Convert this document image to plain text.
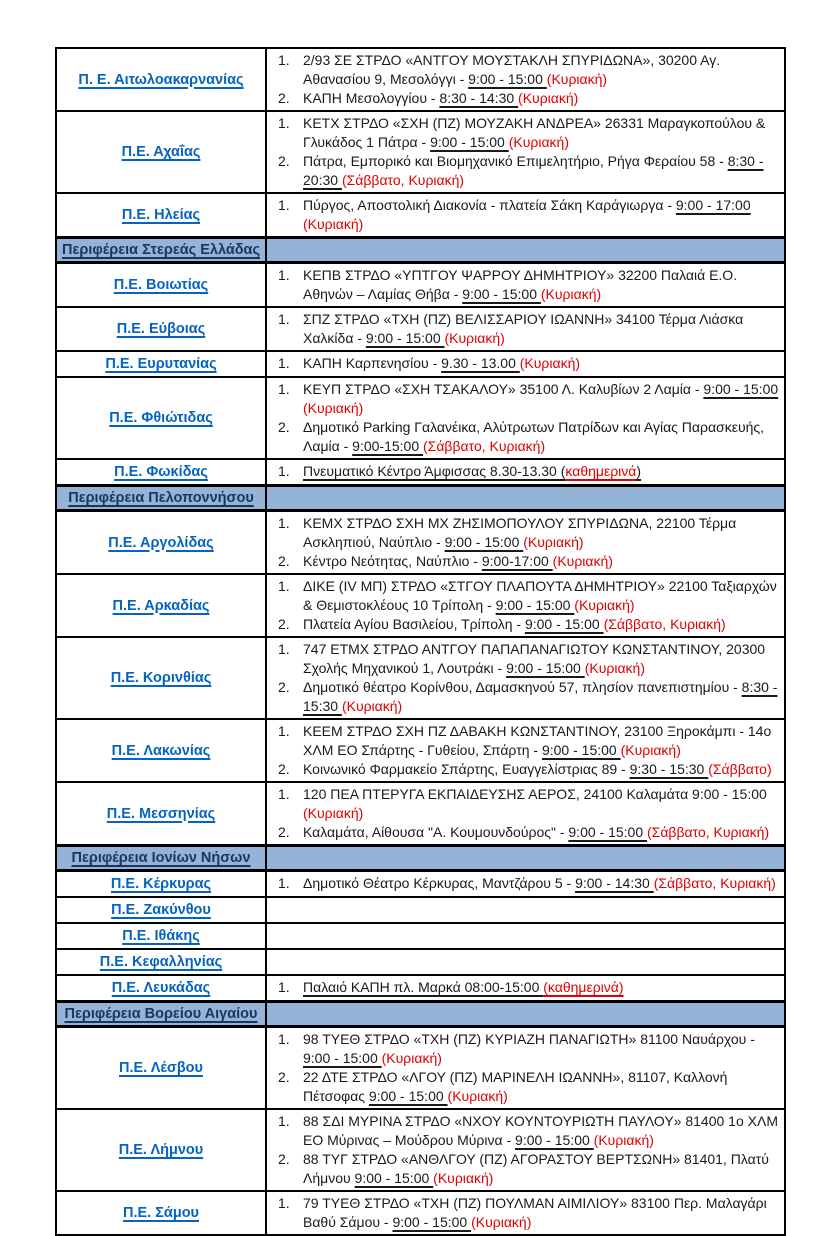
Π. Ε. Αιτωλοακαρνανίας	
2/93 ΣΕ ΣΤΡΔΟ «ΑΝΤΓΟΥ ΜΟΥΣΤΑΚΛΗ ΣΠΥΡΙΔΩΝΑ», 30200 Αγ. Αθανασίου 9, Μεσολόγγι - 9:00 - 15:00 (Κυριακή)
ΚΑΠΗ Μεσολογγίου - 8:30 - 14:30 (Κυριακή)

Π.Ε. Αχαΐας	
ΚΕΤΧ ΣΤΡΔΟ «ΣΧΗ (ΠΖ) ΜΟΥΖΑΚΗ ΑΝΔΡΕΑ» 26331 Μαραγκοπούλου & Γλυκάδος 1 Πάτρα - 9:00 - 15:00 (Κυριακή)
Πάτρα, Εμπορικό και Βιομηχανικό Επιμελητήριο, Ρήγα Φεραίου 58 - 8:30 - 20:30 (Σάββατο, Κυριακή)

Π.Ε. Ηλείας	
Πύργος, Αποστολική Διακονία - πλατεία Σάκη Καράγιωργα - 9:00 - 17:00 (Κυριακή)

Περιφέρεια Στερεάς Ελλάδας	
Π.Ε. Βοιωτίας	
ΚΕΠΒ ΣΤΡΔΟ «ΥΠΤΓΟΥ ΨΑΡΡΟΥ ΔΗΜΗΤΡΙΟΥ» 32200 Παλαιά Ε.Ο. Αθηνών – Λαμίας Θήβα - 9:00 - 15:00 (Κυριακή)

Π.Ε. Εύβοιας	
ΣΠΖ ΣΤΡΔΟ «ΤΧΗ (ΠΖ) ΒΕΛΙΣΣΑΡΙΟΥ ΙΩΑΝΝΗ» 34100 Τέρμα Λιάσκα Χαλκίδα - 9:00 - 15:00 (Κυριακή)

Π.Ε. Ευρυτανίας	ΚΑΠΗ Καρπενησίου - 9.30 - 13.00 (Κυριακή)

Π.Ε. Φθιώτιδας	
ΚΕΥΠ ΣΤΡΔΟ «ΣΧΗ ΤΣΑΚΑΛΟΥ» 35100 Λ. Καλυβίων 2 Λαμία - 9:00 - 15:00 (Κυριακή)
Δημοτικό Parking Γαλανέικα, Αλύτρωτων Πατρίδων και Αγίας Παρασκευής, Λαμία - 9:00-15:00 (Σάββατο, Κυριακή)

Π.Ε. Φωκίδας	Πνευματικό Κέντρο Άμφισσας 8.30-13.30 (καθημερινά)

Περιφέρεια Πελοποννήσου	
Π.Ε. Αργολίδας	
ΚΕΜΧ ΣΤΡΔΟ ΣΧΗ ΜΧ ΖΗΣΙΜΟΠΟΥΛΟΥ ΣΠΥΡΙΔΩΝΑ, 22100 Τέρμα Ασκληπιού, Ναύπλιο - 9:00 - 15:00 (Κυριακή)
Κέντρο Νεότητας, Ναύπλιο - 9:00-17:00 (Κυριακή)

Π.Ε. Αρκαδίας	
ΔΙΚΕ (IV ΜΠ) ΣΤΡΔΟ «ΣΤΓΟΥ ΠΛΑΠΟΥΤΑ ΔΗΜΗΤΡΙΟΥ» 22100 Ταξιαρχών & Θεμιστοκλέους 10 Τρίπολη - 9:00 - 15:00 (Κυριακή)
Πλατεία Αγίου Βασιλείου, Τρίπολη - 9:00 - 15:00 (Σάββατο, Κυριακή)

Π.Ε. Κορινθίας	
747 ΕΤΜΧ ΣΤΡΔΟ ΑΝΤΓΟΥ ΠΑΠΑΠΑΝΑΓΙΩΤΟΥ ΚΩΝΣΤΑΝΤΙΝΟΥ, 20300 Σχολής Μηχανικού 1, Λουτράκι - 9:00 - 15:00 (Κυριακή)
Δημοτικό θέατρο Κορίνθου, Δαμασκηνού 57, πλησίον πανεπιστημίου - 8:30 - 15:30 (Κυριακή)

Π.Ε. Λακωνίας	
ΚΕΕΜ ΣΤΡΔΟ ΣΧΗ ΠΖ ΔΑΒΑΚΗ ΚΩΝΣΤΑΝΤΙΝΟΥ, 23100 Ξηροκάμπι - 14ο ΧΛΜ ΕΟ Σπάρτης - Γυθείου, Σπάρτη - 9:00 - 15:00 (Κυριακή)
Κοινωνικό Φαρμακείο Σπάρτης, Ευαγγελίστριας 89 - 9:30 - 15:30 (Σάββατο)

Π.Ε. Μεσσηνίας	
120 ΠΕΑ ΠΤΕΡΥΓΑ ΕΚΠΑΙΔΕΥΣΗΣ ΑΕΡΟΣ, 24100 Καλαμάτα 9:00 - 15:00 (Κυριακή)
Καλαμάτα, Αίθουσα "Α. Κουμουνδούρος" - 9:00 - 15:00 (Σάββατο, Κυριακή)

Περιφέρεια Ιονίων Νήσων	
Π.Ε. Κέρκυρας	Δημοτικό Θέατρο Κέρκυρας, Μαντζάρου 5 - 9:00 - 14:30 (Σάββατο, Κυριακή)

Π.Ε. Ζακύνθου	
Π.Ε. Ιθάκης	
Π.Ε. Κεφαλληνίας	
Π.Ε. Λευκάδας	Παλαιό ΚΑΠΗ πλ. Μαρκά 08:00-15:00 (καθημερινά)

Περιφέρεια Βορείου Αιγαίου	
Π.Ε. Λέσβου	
98 ΤΥΕΘ ΣΤΡΔΟ «ΤΧΗ (ΠΖ) ΚΥΡΙΑΖΗ ΠΑΝΑΓΙΩΤΗ» 81100 Ναυάρχου - 9:00 - 15:00 (Κυριακή)
22 ΔΤΕ ΣΤΡΔΟ «ΛΓΟΥ (ΠΖ) ΜΑΡΙΝΕΛΗ ΙΩΑΝΝΗ», 81107, Καλλονή Πέτσοφας 9:00 - 15:00 (Κυριακή)

Π.Ε. Λήμνου	
88 ΣΔΙ ΜΥΡΙΝΑ ΣΤΡΔΟ «ΝΧΟΥ ΚΟΥΝΤΟΥΡΙΩΤΗ ΠΑΥΛΟΥ» 81400 1ο ΧΛΜ ΕΟ Μύρινας – Μούδρου Μύρινα - 9:00 - 15:00 (Κυριακή)
88 ΤΥΓ ΣΤΡΔΟ «ΑΝΘΛΓΟΥ (ΠΖ) ΑΓΟΡΑΣΤΟΥ ΒΕΡΤΣΩΝΗ» 81401, Πλατύ Λήμνου 9:00 - 15:00 (Κυριακή)

Π.Ε. Σάμου	
79 ΤΥΕΘ ΣΤΡΔΟ «ΤΧΗ (ΠΖ) ΠΟΥΛΜΑΝ ΑΙΜΙΛΙΟΥ» 83100 Περ. Μαλαγάρι Βαθύ Σάμου - 9:00 - 15:00 (Κυριακή)
